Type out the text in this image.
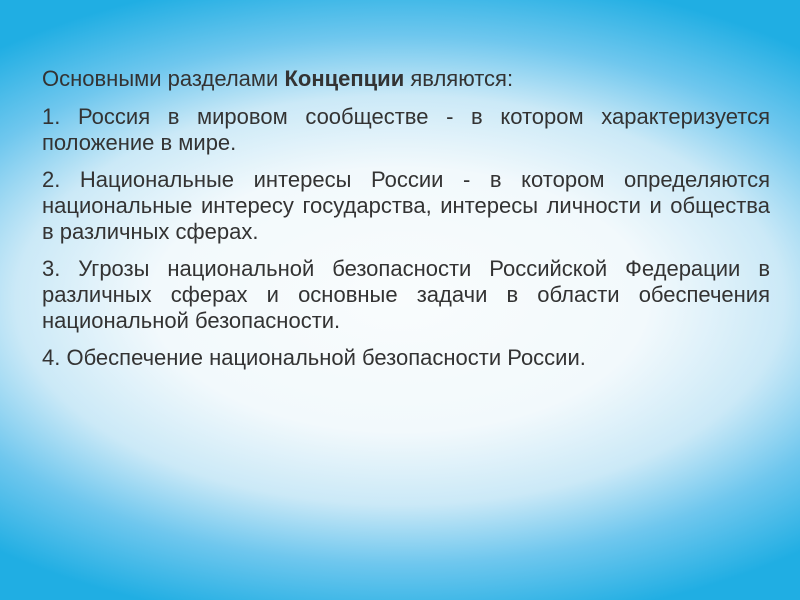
Основными разделами Концепции являются:

1. Россия в мировом сообществе - в котором характеризуется положение в мире.

2. Национальные интересы России - в котором определяются национальные интересу государства, интересы личности и общества в различных сферах.

3. Угрозы национальной безопасности Российской Федерации в различных сферах и основные задачи в области обеспечения национальной безопасности.

4. Обеспечение национальной безопасности России.
